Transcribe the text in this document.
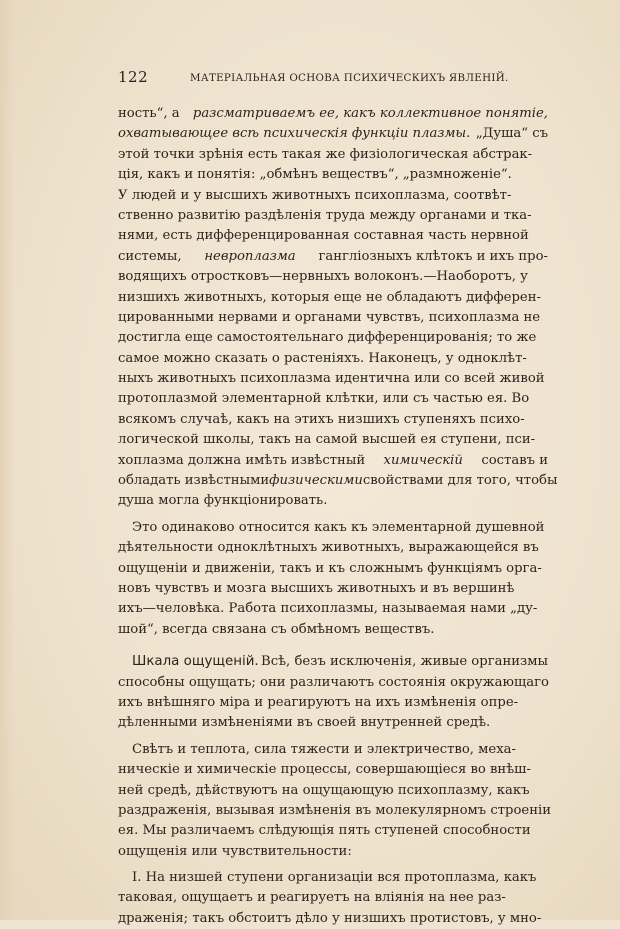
122	МАТЕРІАЛЬНАЯ ОСНОВА ПСИХИЧЕСКИХЪ ЯВЛЕНІЙ.
ность“, а разсматриваемъ ее, какъ коллективное понятіе,
охватывающее всѣ психическія функціи плазмы. „Душа“ съ
этой точки зрѣнія есть такая же физіологическая абстрак-
ція, какъ и понятія: „обмѣнъ веществъ“, „размноженіе“.
У людей и у высшихъ животныхъ психоплазма, соотвѣт-
ственно развитію раздѣленія труда между органами и тка-
нями, есть дифференцированная составная часть нервной
системы, невроплазма ганглiозныхъ клѣтокъ и ихъ про-
водящихъ отростковъ—нервныхъ волоконъ.—Наоборотъ, у
низшихъ животныхъ, которыя еще не обладаютъ дифферен-
цированными нервами и органами чувствъ, психоплазма не
достигла еще самостоятельнаго дифференцированія; то же
самое можно сказать о растеніяхъ. Наконецъ, у одноклѣт-
ныхъ животныхъ психоплазма идентична или со всей живой
протоплазмой элементарной клѣтки, или съ частью ея. Во
всякомъ случаѣ, какъ на этихъ низшихъ ступеняхъ психо-
логической школы, такъ на самой высшей ея ступени, пси-
хоплазма должна имѣть извѣстный химическій составъ и
обладать извѣстными физическими свойствами для того, чтобы
душа могла функціонировать.
Это одинаково относится какъ къ элементарной душевной
дѣятельности одноклѣтныхъ животныхъ, выражающейся въ
ощущеніи и движеніи, такъ и къ сложнымъ функціямъ орга-
новъ чувствъ и мозга высшихъ животныхъ и въ вершинѣ
ихъ—человѣка. Работа психоплазмы, называемая нами „ду-
шой“, всегда связана съ обмѣномъ веществъ.
Шкала ощущеній. Всѣ, безъ исключенія, живые организмы
способны ощущать; они различаютъ состоянія окружающаго
ихъ внѣшняго міра и реагируютъ на ихъ измѣненія опре-
дѣленными измѣненіями въ своей внутренней средѣ.
Свѣтъ и теплота, сила тяжести и электричество, меха-
ническіе и химическіе процессы, совершающіеся во внѣш-
ней средѣ, дѣйствуютъ на ощущающую психоплазму, какъ
раздраженія, вызывая измѣненія въ молекулярномъ строеніи
ея. Мы различаемъ слѣдующія пять ступеней способности
ощущенія или чувствительности:
I. На низшей ступени организаціи вся протоплазма, какъ
таковая, ощущаетъ и реагируетъ на вліянія на нее раз-
драженія; такъ обстоитъ дѣло у низшихъ протистовъ, у мно-
